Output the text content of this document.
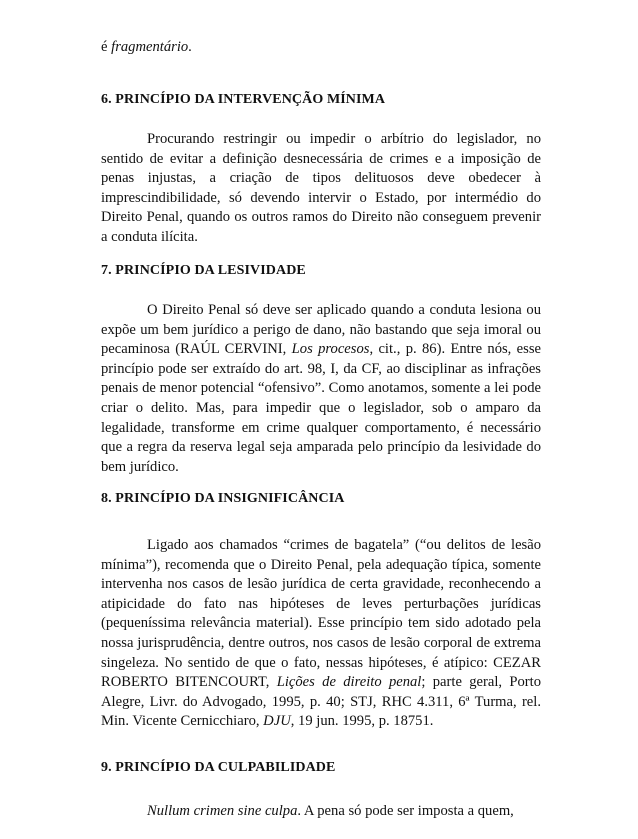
é fragmentário.
6. PRINCÍPIO DA INTERVENÇÃO MÍNIMA

Procurando restringir ou impedir o arbítrio do legislador, no sentido de evitar a definição desnecessária de crimes e a imposição de penas injustas, a criação de tipos delituosos deve obedecer à imprescindibilidade, só devendo intervir o Estado, por intermédio do Direito Penal, quando os outros ramos do Direito não conseguem prevenir a conduta ilícita.

7. PRINCÍPIO DA LESIVIDADE

O Direito Penal só deve ser aplicado quando a conduta lesiona ou expõe um bem jurídico a perigo de dano, não bastando que seja imoral ou pecaminosa (RAÚL CERVINI, Los procesos, cit., p. 86). Entre nós, esse princípio pode ser extraído do art. 98, I, da CF, ao disciplinar as infrações penais de menor potencial “ofensivo”. Como anotamos, somente a lei pode criar o delito. Mas, para impedir que o legislador, sob o amparo da legalidade, transforme em crime qualquer comportamento, é necessário que a regra da reserva legal seja amparada pelo princípio da lesividade do bem jurídico.

8. PRINCÍPIO DA INSIGNIFICÂNCIA

Ligado aos chamados “crimes de bagatela” (“ou delitos de lesão mínima”), recomenda que o Direito Penal, pela adequação típica, somente intervenha nos casos de lesão jurídica de certa gravidade, reconhecendo a atipicidade do fato nas hipóteses de leves perturbações jurídicas (pequeníssima relevância material). Esse princípio tem sido adotado pela nossa jurisprudência, dentre outros, nos casos de lesão corporal de extrema singeleza. No sentido de que o fato, nessas hipóteses, é atípico: CEZAR ROBERTO BITENCOURT, Lições de direito penal; parte geral, Porto Alegre, Livr. do Advogado, 1995, p. 40; STJ, RHC 4.311, 6ª Turma, rel. Min. Vicente Cernicchiaro, DJU, 19 jun. 1995, p. 18751.

9. PRINCÍPIO DA CULPABILIDADE

Nullum crimen sine culpa. A pena só pode ser imposta a quem,
